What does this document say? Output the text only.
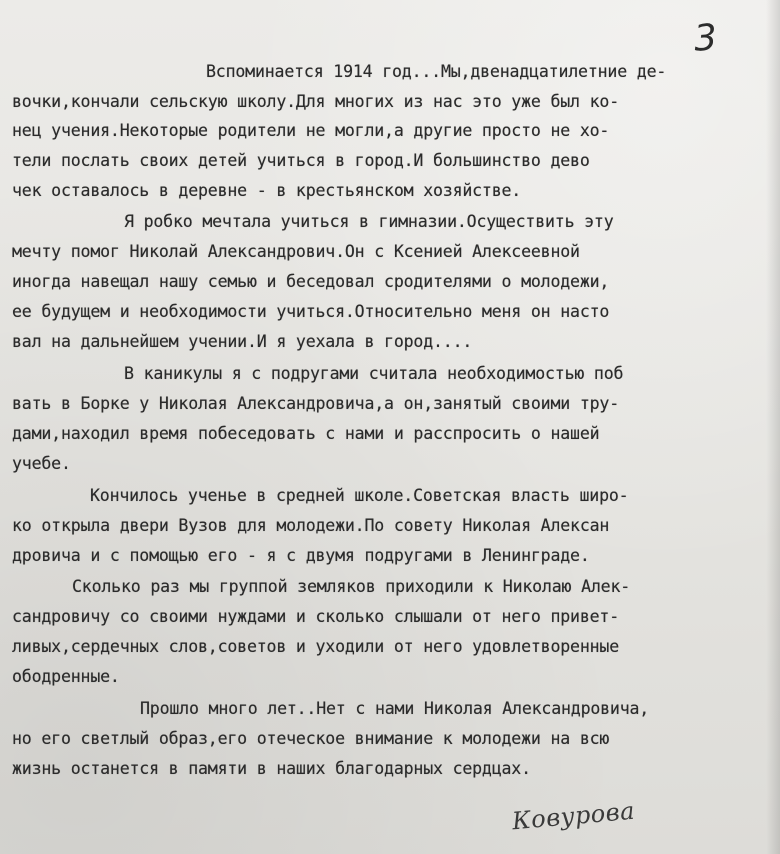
3
Вспоминается 1914 год...Мы,двенадцатилетние де-
вочки,кончали сельскую школу.Для многих из нас это уже был ко-
нец учения.Некоторые родители не могли,а другие просто не хо-
тели послать своих детей учиться в город.И большинство дево
чек оставалось в деревне - в крестьянском хозяйстве.
Я робко мечтала учиться в гимназии.Осуществить эту
мечту помог Николай Александрович.Он с Ксенией Алексеевной
иногда навещал нашу семью и беседовал сродителями о молодежи,
ее будущем и необходимости учиться.Относительно меня он насто
вал на дальнейшем учении.И я уехала в город....
В каникулы я с подругами считала необходимостью поб
вать в Борке у Николая Александровича,а он,занятый своими тру-
дами,находил время побеседовать с нами и расспросить о нашей
учебе.
Кончилось ученье в средней школе.Советская власть широ-
ко открыла двери Вузов для молодежи.По совету Николая Алексан
дровича и с помощью его - я с двумя подругами в Ленинграде.
Сколько раз мы группой земляков приходили к Николаю Алек-
сандровичу со своими нуждами и сколько слышали от него привет-
ливых,сердечных слов,советов и уходили от него удовлетворенные
ободренные.
Прошло много лет..Нет с нами Николая Александровича,
но его светлый образ,его отеческое внимание к молодежи на всю
жизнь останется в памяти в наших благодарных сердцах.
Ковурова
